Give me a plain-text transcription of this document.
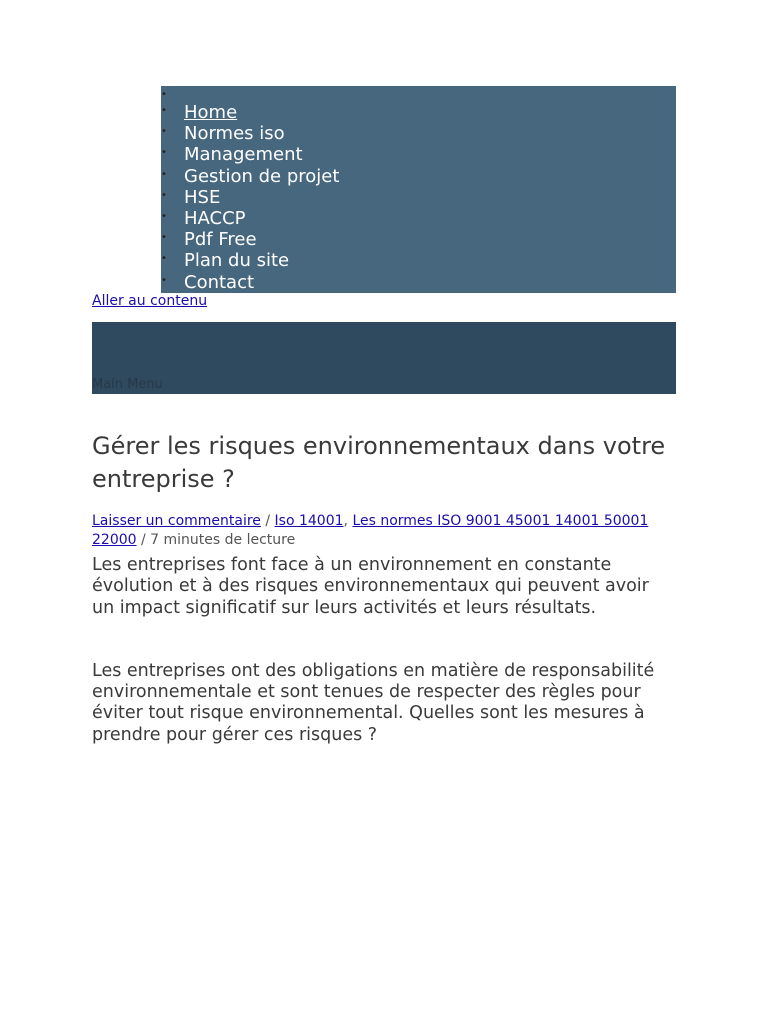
•
• Home
• Normes iso
• Management
• Gestion de projet
• HSE
• HACCP
• Pdf Free
• Plan du site
• Contact
Aller au contenu
Main Menu
Gérer les risques environnementaux dans votre entreprise ?
Laisser un commentaire / Iso 14001, Les normes ISO 9001 45001 14001 50001 22000 / 7 minutes de lecture

Les entreprises font face à un environnement en constante évolution et à des risques environnementaux qui peuvent avoir un impact significatif sur leurs activités et leurs résultats.

Les entreprises ont des obligations en matière de responsabilité environnementale et sont tenues de respecter des règles pour éviter tout risque environnemental. Quelles sont les mesures à prendre pour gérer ces risques ?
